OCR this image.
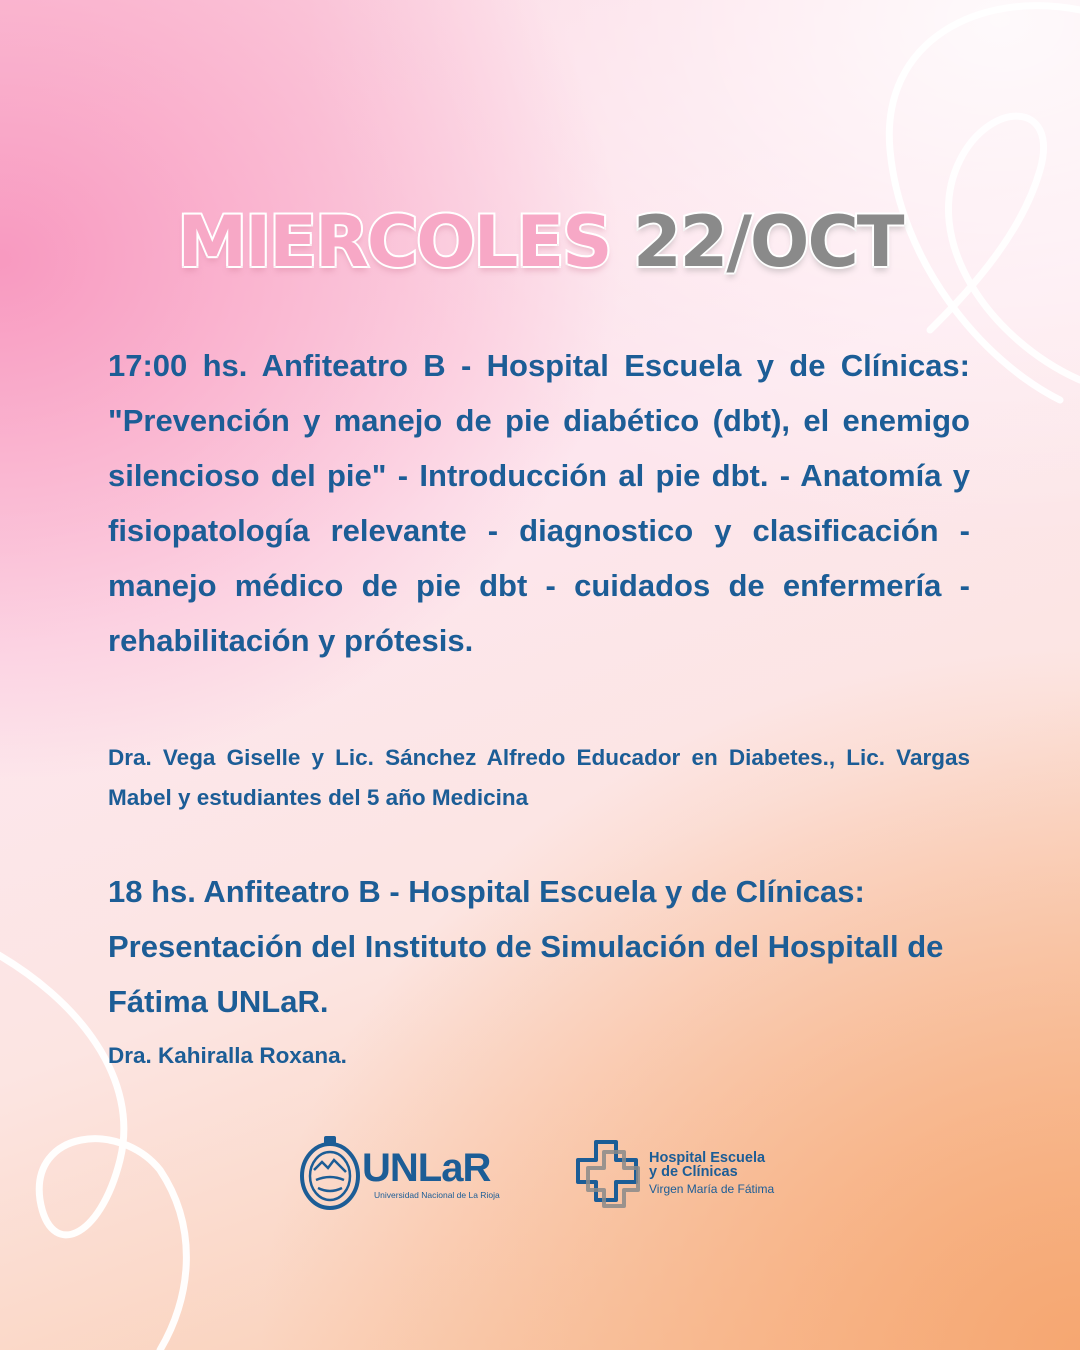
MIERCOLES 22/OCT

17:00 hs. Anfiteatro B - Hospital Escuela y de Clínicas: "Prevención y manejo de pie diabético (dbt), el enemigo silencioso del pie" - Introducción al pie dbt. - Anatomía y fisiopatología relevante - diagnostico y clasificación - manejo médico de pie dbt - cuidados de enfermería - rehabilitación y prótesis.

Dra. Vega Giselle y Lic. Sánchez Alfredo Educador en Diabetes., Lic. Vargas Mabel y estudiantes del 5 año Medicina

18 hs. Anfiteatro B - Hospital Escuela y de Clínicas: Presentación del Instituto de Simulación del Hospitall de Fátima UNLaR.

Dra. Kahiralla Roxana.

UNLaR
Universidad Nacional de La Rioja
Hospital Escuela
y de Clínicas
Virgen María de Fátima
